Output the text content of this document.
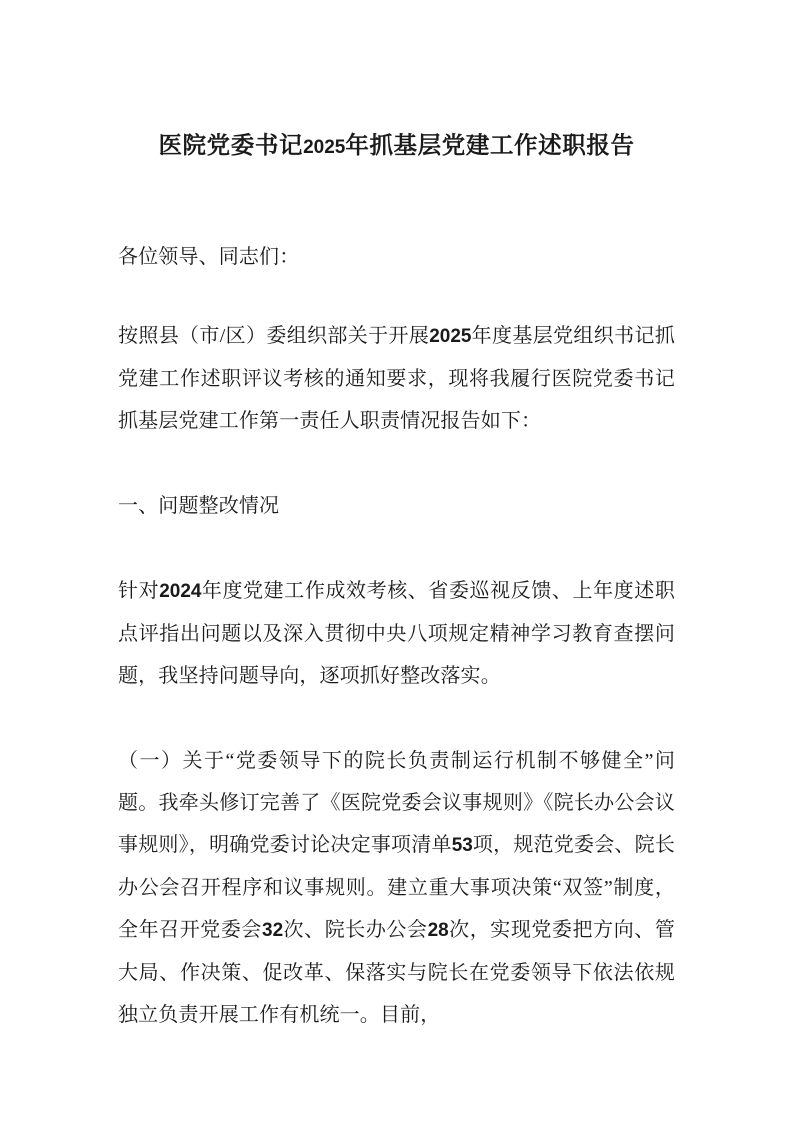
医院党委书记2025年抓基层党建工作述职报告

各位领导、同志们：

按照县（市/区）委组织部关于开展2025年度基层党组织书记抓党建工作述职评议考核的通知要求，现将我履行医院党委书记抓基层党建工作第一责任人职责情况报告如下：

一、问题整改情况

针对2024年度党建工作成效考核、省委巡视反馈、上年度述职点评指出问题以及深入贯彻中央八项规定精神学习教育查摆问题，我坚持问题导向，逐项抓好整改落实。

（一）关于“党委领导下的院长负责制运行机制不够健全”问题。我牵头修订完善了《医院党委会议事规则》《院长办公会议事规则》，明确党委讨论决定事项清单53项，规范党委会、院长办公会召开程序和议事规则。建立重大事项决策“双签”制度，全年召开党委会32次、院长办公会28次，实现党委把方向、管大局、作决策、促改革、保落实与院长在党委领导下依法依规独立负责开展工作有机统一。目前，
